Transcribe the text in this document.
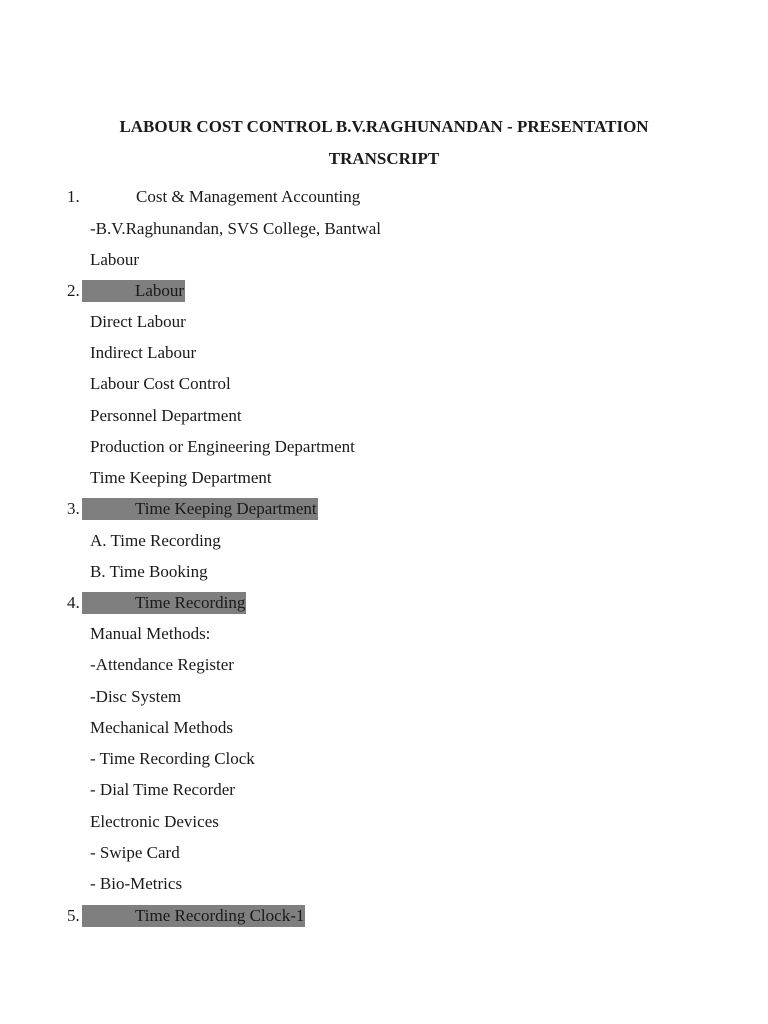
LABOUR COST CONTROL B.V.RAGHUNANDAN - PRESENTATION
TRANSCRIPT
1.	Cost & Management Accounting
-B.V.Raghunandan, SVS College, Bantwal
Labour
2.	Labour
Direct Labour
Indirect Labour
Labour Cost Control
Personnel Department
Production or Engineering Department
Time Keeping Department
3.	Time Keeping Department
A. Time Recording
B. Time Booking
4.	Time Recording
Manual Methods:
-Attendance Register
-Disc System
Mechanical Methods
- Time Recording Clock
- Dial Time Recorder
Electronic Devices
- Swipe Card
- Bio-Metrics
5.	Time Recording Clock-1
